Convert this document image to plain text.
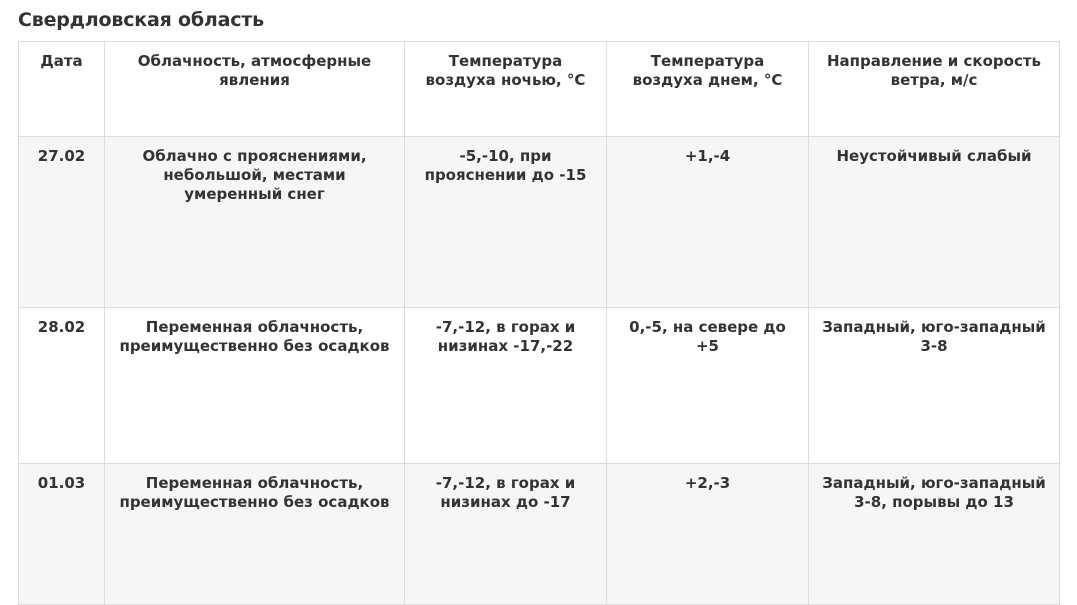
Свердловская область
Дата	Облачность, атмосферные явления	Температура воздуха ночью, °C	Температура воздуха днем, °C	Направление и скорость ветра, м/с
27.02	Облачно с прояснениями, небольшой, местами умеренный снег	-5,-10, при прояснении до -15	+1,-4	Неустойчивый слабый
28.02	Переменная облачность, преимущественно без осадков	-7,-12, в горах и низинах -17,-22	0,-5, на севере до +5	Западный, юго-западный 3-8
01.03	Переменная облачность, преимущественно без осадков	-7,-12, в горах и низинах до -17	+2,-3	Западный, юго-западный 3-8, порывы до 13
